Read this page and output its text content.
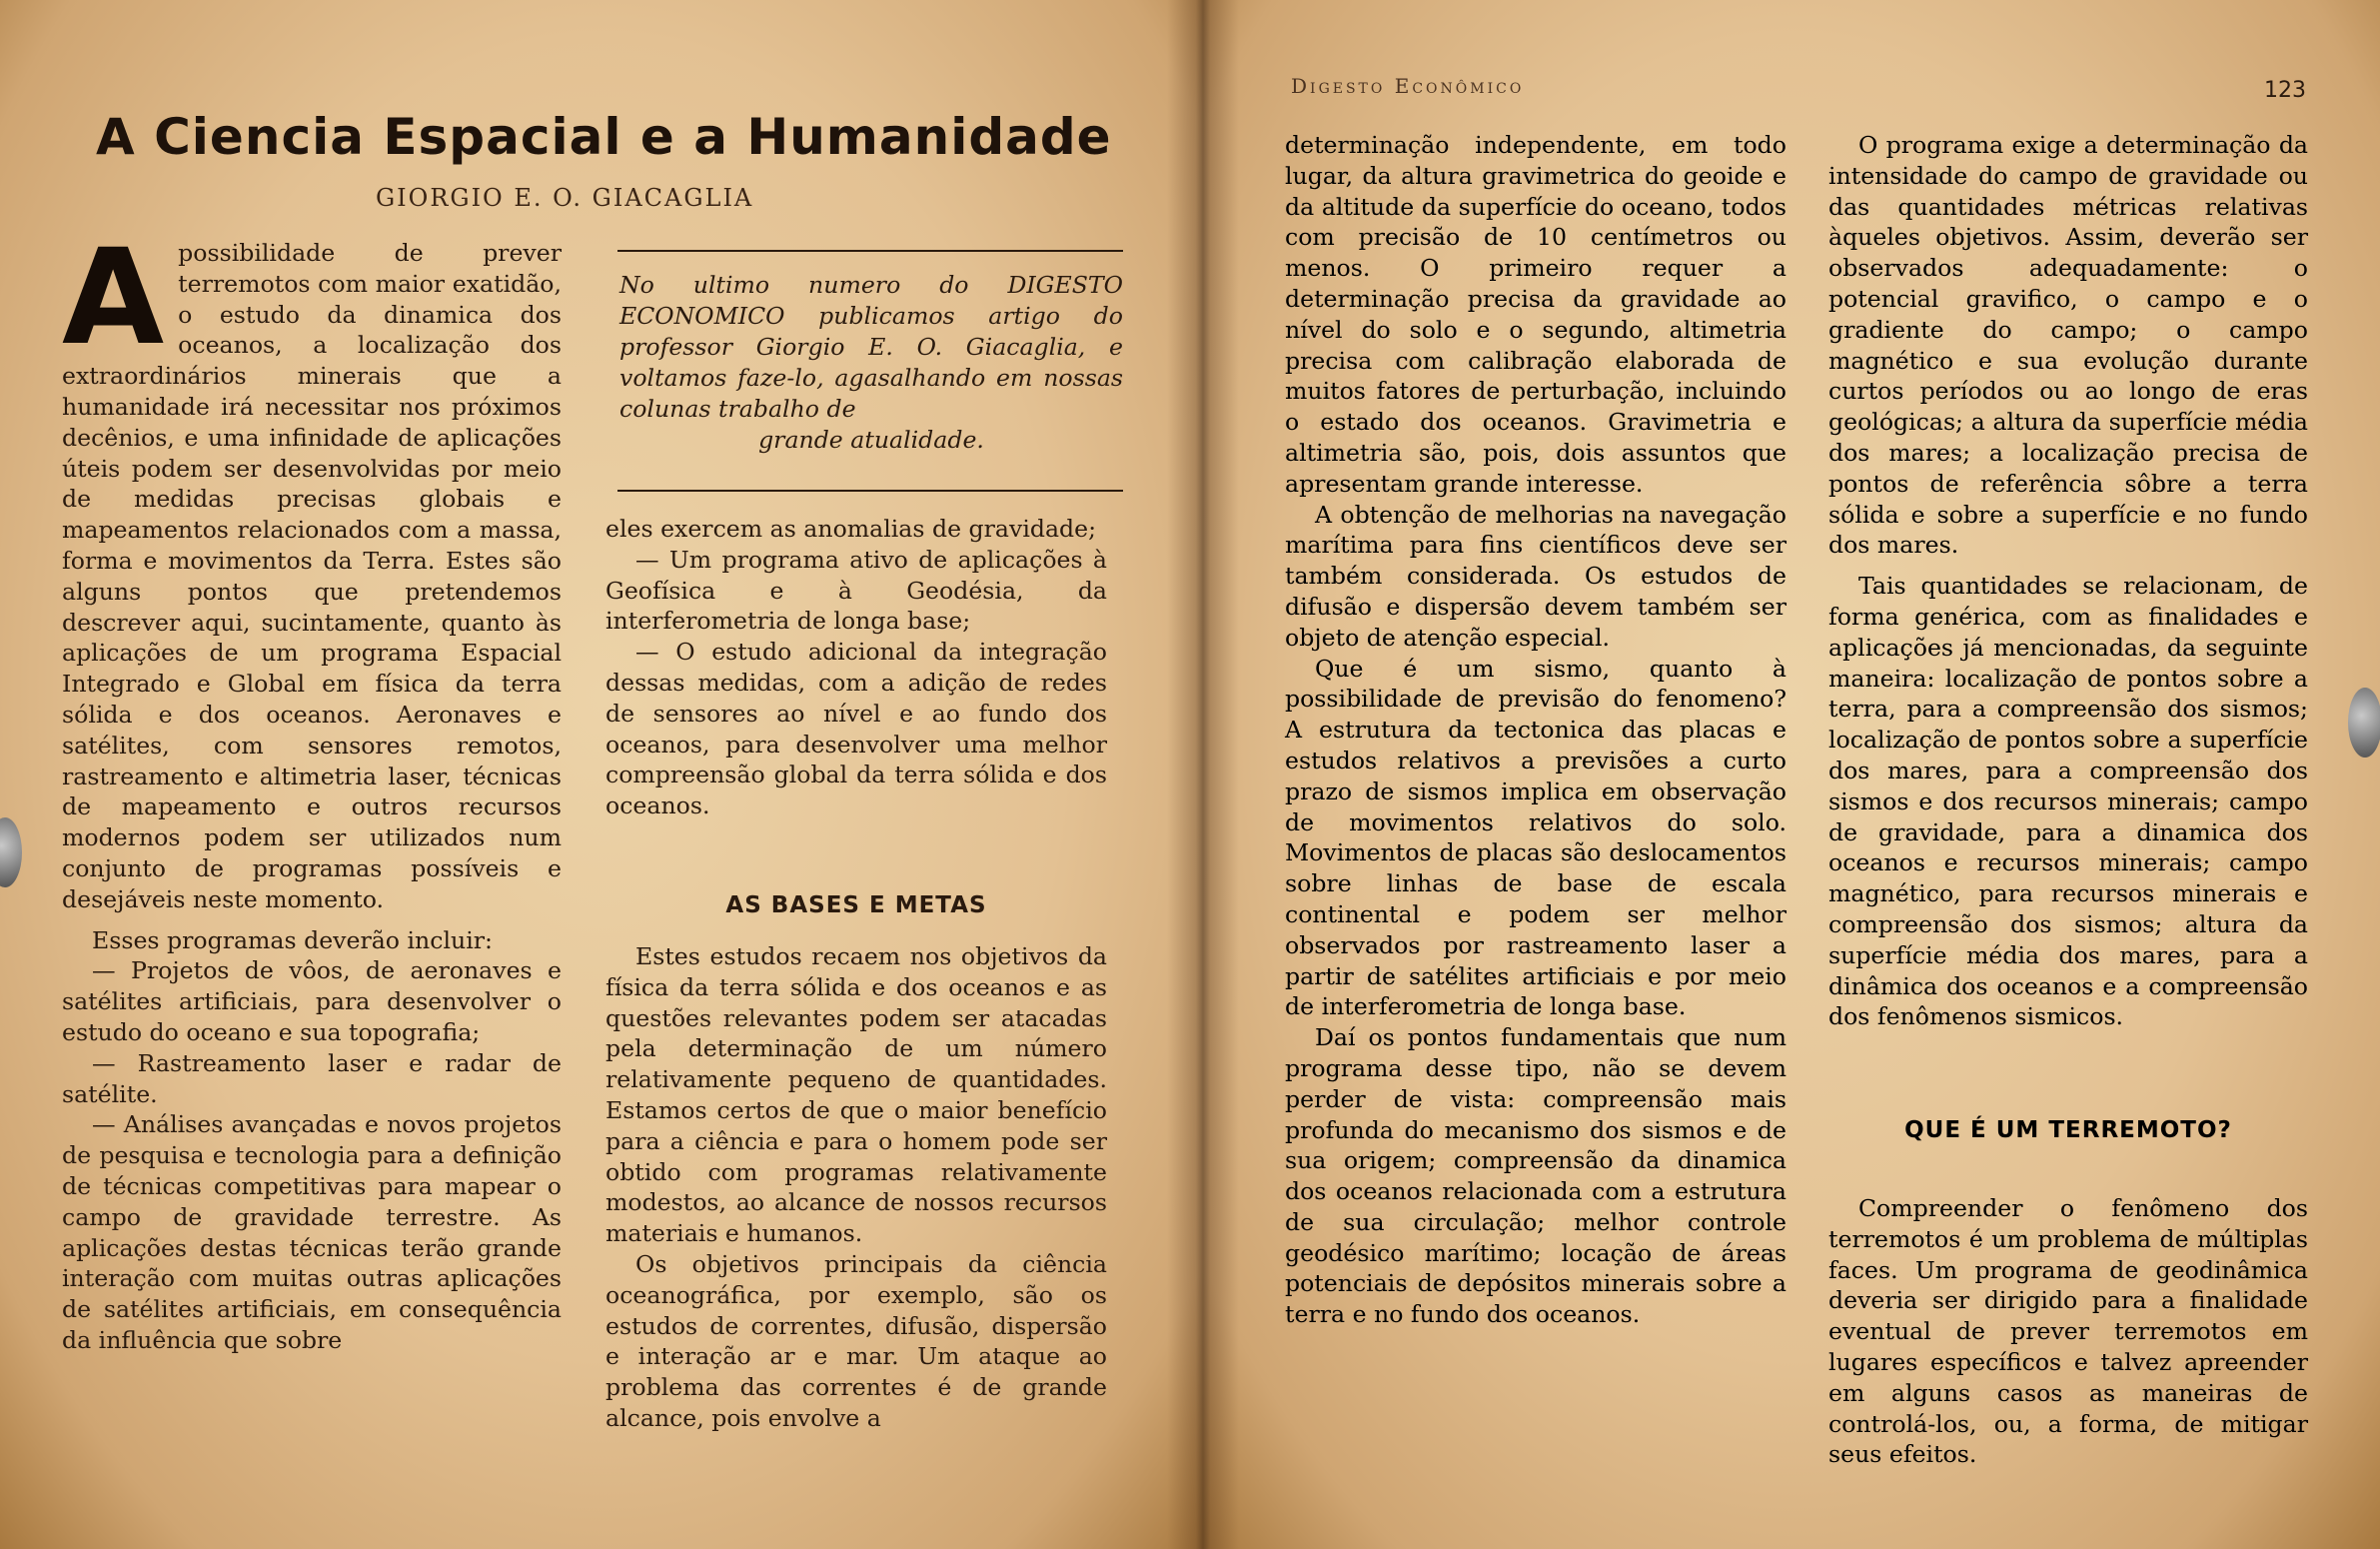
A Ciencia Espacial e a Humanidade
GIORGIO E. O. GIACAGLIA

Apossibilidade de prever terremotos com maior exatidão, o estudo da dinamica dos oceanos, a localização dos extraordinários minerais que a humanidade irá necessitar nos próximos decênios, e uma infinidade de aplicações úteis podem ser desenvolvidas por meio de medidas precisas globais e mapeamentos relacionados com a massa, forma e movimentos da Terra. Estes são alguns pontos que pretendemos descrever aqui, sucintamente, quanto às aplicações de um programa Espacial Integrado e Global em física da terra sólida e dos oceanos. Aeronaves e satélites, com sensores remotos, rastreamento e altimetria laser, técnicas de mapeamento e outros recursos modernos podem ser utilizados num conjunto de programas possíveis e desejáveis neste momento.

Esses programas deverão incluir:

— Projetos de vôos, de aeronaves e satélites artificiais, para desenvolver o estudo do oceano e sua topografia;

— Rastreamento laser e radar de satélite.

— Análises avançadas e novos projetos de pesquisa e tecnologia para a definição de técnicas competitivas para mapear o campo de gravidade terrestre. As aplicações destas técnicas terão grande interação com muitas outras aplicações de satélites artificiais, em consequência da influência que sobre

No ultimo numero do DIGESTO ECONOMICO publicamos artigo do professor Giorgio E. O. Giacaglia, e voltamos faze-lo, agasalhando em nossas colunas trabalho de

grande atualidade.

eles exercem as anomalias de gravidade;

— Um programa ativo de aplicações à Geofísica e à Geodésia, da interferometria de longa base;

— O estudo adicional da integração dessas medidas, com a adição de redes de sensores ao nível e ao fundo dos oceanos, para desenvolver uma melhor compreensão global da terra sólida e dos oceanos.

AS BASES E METAS

Estes estudos recaem nos objetivos da física da terra sólida e dos oceanos e as questões relevantes podem ser atacadas pela determinação de um número relativamente pequeno de quantidades. Estamos certos de que o maior benefício para a ciência e para o homem pode ser obtido com programas relativamente modestos, ao alcance de nossos recursos materiais e humanos.

Os objetivos principais da ciência oceanográfica, por exemplo, são os estudos de correntes, difusão, dispersão e interação ar e mar. Um ataque ao problema das correntes é de grande alcance, pois envolve a

Digesto Econômico	123

determinação independente, em todo lugar, da altura gravimetrica do geoide e da altitude da superfície do oceano, todos com precisão de 10 centímetros ou menos. O primeiro requer a determinação precisa da gravidade ao nível do solo e o segundo, altimetria precisa com calibração elaborada de muitos fatores de perturbação, incluindo o estado dos oceanos. Gravimetria e altimetria são, pois, dois assuntos que apresentam grande interesse.

A obtenção de melhorias na navegação marítima para fins científicos deve ser também considerada. Os estudos de difusão e dispersão devem também ser objeto de atenção especial.

Que é um sismo, quanto à possibilidade de previsão do fenomeno? A estrutura da tectonica das placas e estudos relativos a previsões a curto prazo de sismos implica em observação de movimentos relativos do solo. Movimentos de placas são deslocamentos sobre linhas de base de escala continental e podem ser melhor observados por rastreamento laser a partir de satélites artificiais e por meio de interferometria de longa base.

Daí os pontos fundamentais que num programa desse tipo, não se devem perder de vista: compreensão mais profunda do mecanismo dos sismos e de sua origem; compreensão da dinamica dos oceanos relacionada com a estrutura de sua circulação; melhor controle geodésico marítimo; locação de áreas potenciais de depósitos minerais sobre a terra e no fundo dos oceanos.

O programa exige a determinação da intensidade do campo de gravidade ou das quantidades métricas relativas àqueles objetivos. Assim, deverão ser observados adequadamente: o potencial gravifico, o campo e o gradiente do campo; o campo magnético e sua evolução durante curtos períodos ou ao longo de eras geológicas; a altura da superfície média dos mares; a localização precisa de pontos de referência sôbre a terra sólida e sobre a superfície e no fundo dos mares.

Tais quantidades se relacionam, de forma genérica, com as finalidades e aplicações já mencionadas, da seguinte maneira: localização de pontos sobre a terra, para a compreensão dos sismos; localização de pontos sobre a superfície dos mares, para a compreensão dos sismos e dos recursos minerais; campo de gravidade, para a dinamica dos oceanos e recursos minerais; campo magnético, para recursos minerais e compreensão dos sismos; altura da superfície média dos mares, para a dinâmica dos oceanos e a compreensão dos fenômenos sismicos.

QUE É UM TERREMOTO?

Compreender o fenômeno dos terremotos é um problema de múltiplas faces. Um programa de geodinâmica deveria ser dirigido para a finalidade eventual de prever terremotos em lugares específicos e talvez apreender em alguns casos as maneiras de controlá-los, ou, a forma, de mitigar seus efeitos.
